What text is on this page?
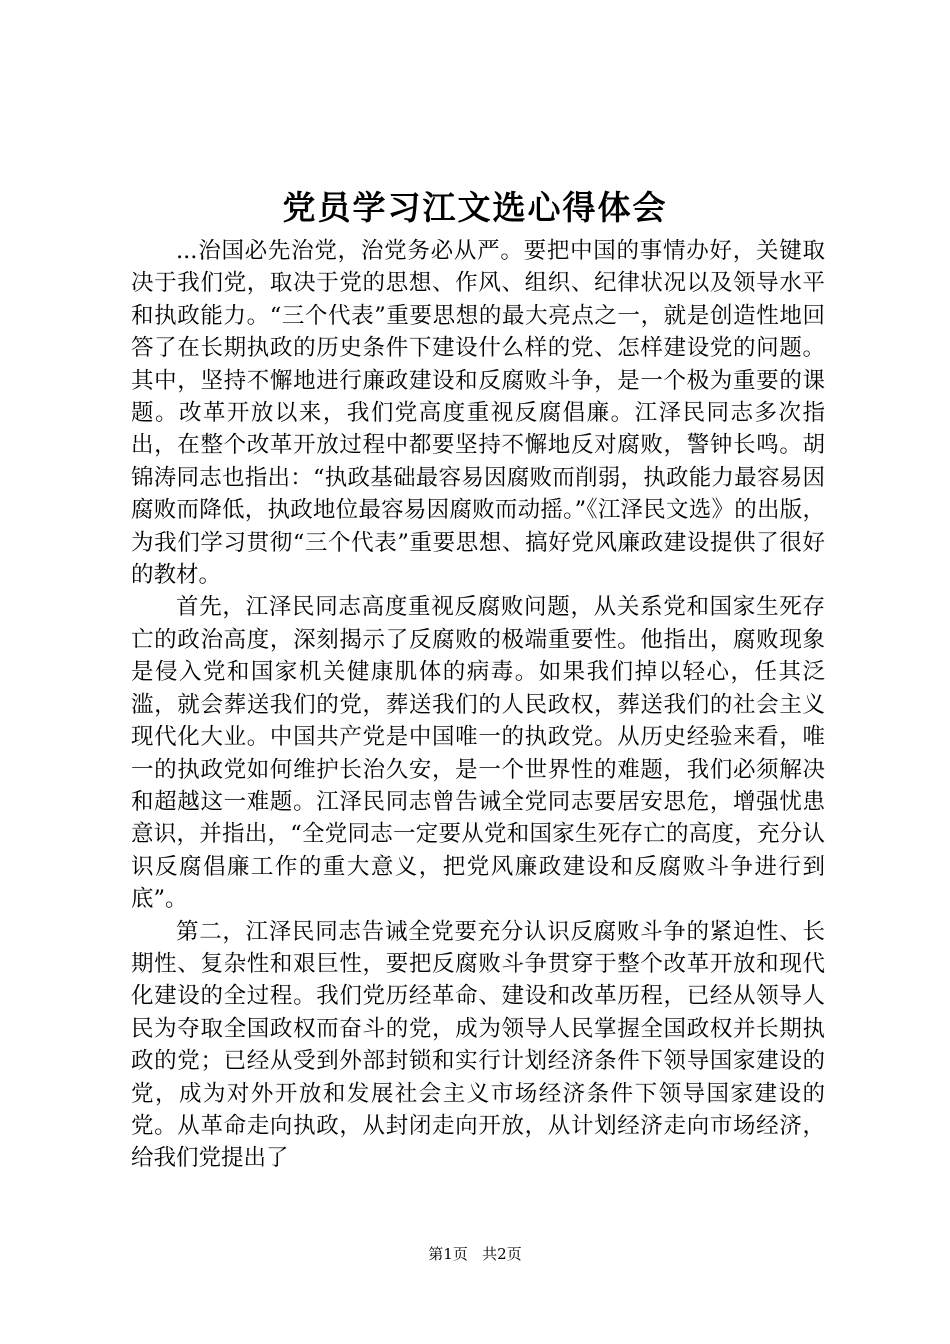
党员学习江文选心得体会

...治国必先治党，治党务必从严。要把中国的事情办好，关键取决于我们党，取决于党的思想、作风、组织、纪律状况以及领导水平和执政能力。“三个代表”重要思想的最大亮点之一，就是创造性地回答了在长期执政的历史条件下建设什么样的党、怎样建设党的问题。其中，坚持不懈地进行廉政建设和反腐败斗争，是一个极为重要的课题。改革开放以来，我们党高度重视反腐倡廉。江泽民同志多次指出，在整个改革开放过程中都要坚持不懈地反对腐败，警钟长鸣。胡锦涛同志也指出：“执政基础最容易因腐败而削弱，执政能力最容易因腐败而降低，执政地位最容易因腐败而动摇。”《江泽民文选》的出版，为我们学习贯彻“三个代表”重要思想、搞好党风廉政建设提供了很好的教材。

首先，江泽民同志高度重视反腐败问题，从关系党和国家生死存亡的政治高度，深刻揭示了反腐败的极端重要性。他指出，腐败现象是侵入党和国家机关健康肌体的病毒。如果我们掉以轻心，任其泛滥，就会葬送我们的党，葬送我们的人民政权，葬送我们的社会主义现代化大业。中国共产党是中国唯一的执政党。从历史经验来看，唯一的执政党如何维护长治久安，是一个世界性的难题，我们必须解决和超越这一难题。江泽民同志曾告诫全党同志要居安思危，增强忧患意识，并指出，“全党同志一定要从党和国家生死存亡的高度，充分认识反腐倡廉工作的重大意义，把党风廉政建设和反腐败斗争进行到底”。

第二，江泽民同志告诫全党要充分认识反腐败斗争的紧迫性、长期性、复杂性和艰巨性，要把反腐败斗争贯穿于整个改革开放和现代化建设的全过程。我们党历经革命、建设和改革历程，已经从领导人民为夺取全国政权而奋斗的党，成为领导人民掌握全国政权并长期执政的党；已经从受到外部封锁和实行计划经济条件下领导国家建设的党，成为对外开放和发展社会主义市场经济条件下领导国家建设的党。从革命走向执政，从封闭走向开放，从计划经济走向市场经济，给我们党提出了

第1页 共2页
